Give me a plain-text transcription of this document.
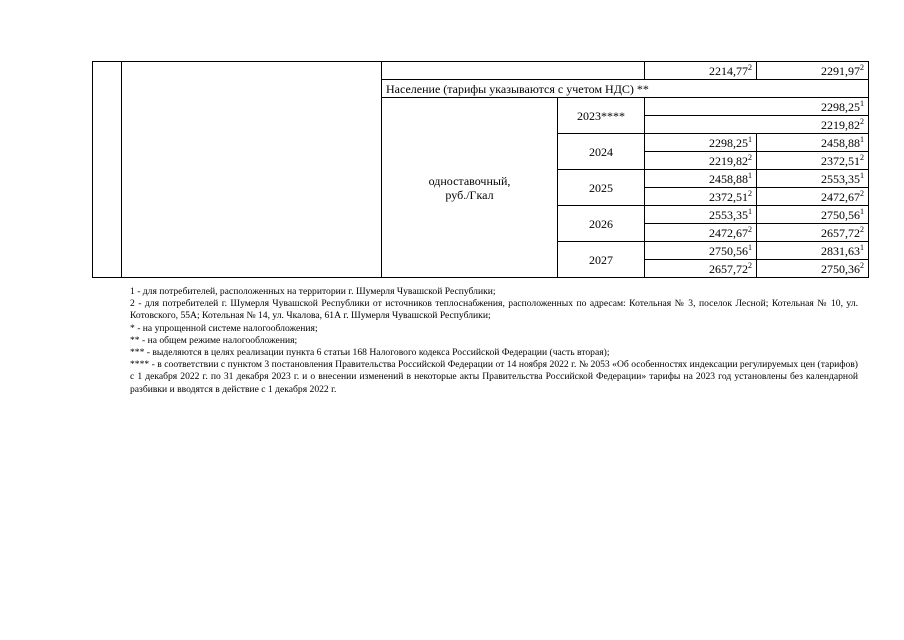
				2214,77$^2$	2291,97$^2$
		Население (тарифы указываются с учетом НДС) **			
		одноставочный,
руб./Гкал	2023****	2298,25$^1$
				2219,82$^2$
			2024	2298,25$^1$	2458,88$^1$
				2219,82$^2$	2372,51$^2$
			2025	2458,88$^1$	2553,35$^1$
				2372,51$^2$	2472,67$^2$
			2026	2553,35$^1$	2750,56$^1$
				2472,67$^2$	2657,72$^2$
			2027	2750,56$^1$	2831,63$^1$
				2657,72$^2$	2750,36$^2$

1 - для потребителей, расположенных на территории г. Шумерля Чувашской Республики;

2 - для потребителей г. Шумерля Чувашской Республики от источников теплоснабжения, расположенных по адресам: Котельная № 3, поселок Лесной; Котельная № 10, ул. Котовского, 55А; Котельная № 14, ул. Чкалова, 61А г. Шумерля Чувашской Республики;

* - на упрощенной системе налогообложения;

** - на общем режиме налогообложения;

*** - выделяются в целях реализации пункта 6 статьи 168 Налогового кодекса Российской Федерации (часть вторая);

**** - в соответствии с пунктом 3 постановления Правительства Российской Федерации от 14 ноября 2022 г. № 2053 «Об особенностях индексации регулируемых цен (тарифов) с 1 декабря 2022 г. по 31 декабря 2023 г. и о внесении изменений в некоторые акты Правительства Российской Федерации» тарифы на 2023 год установлены без календарной разбивки и вводятся в действие с 1 декабря 2022 г.
